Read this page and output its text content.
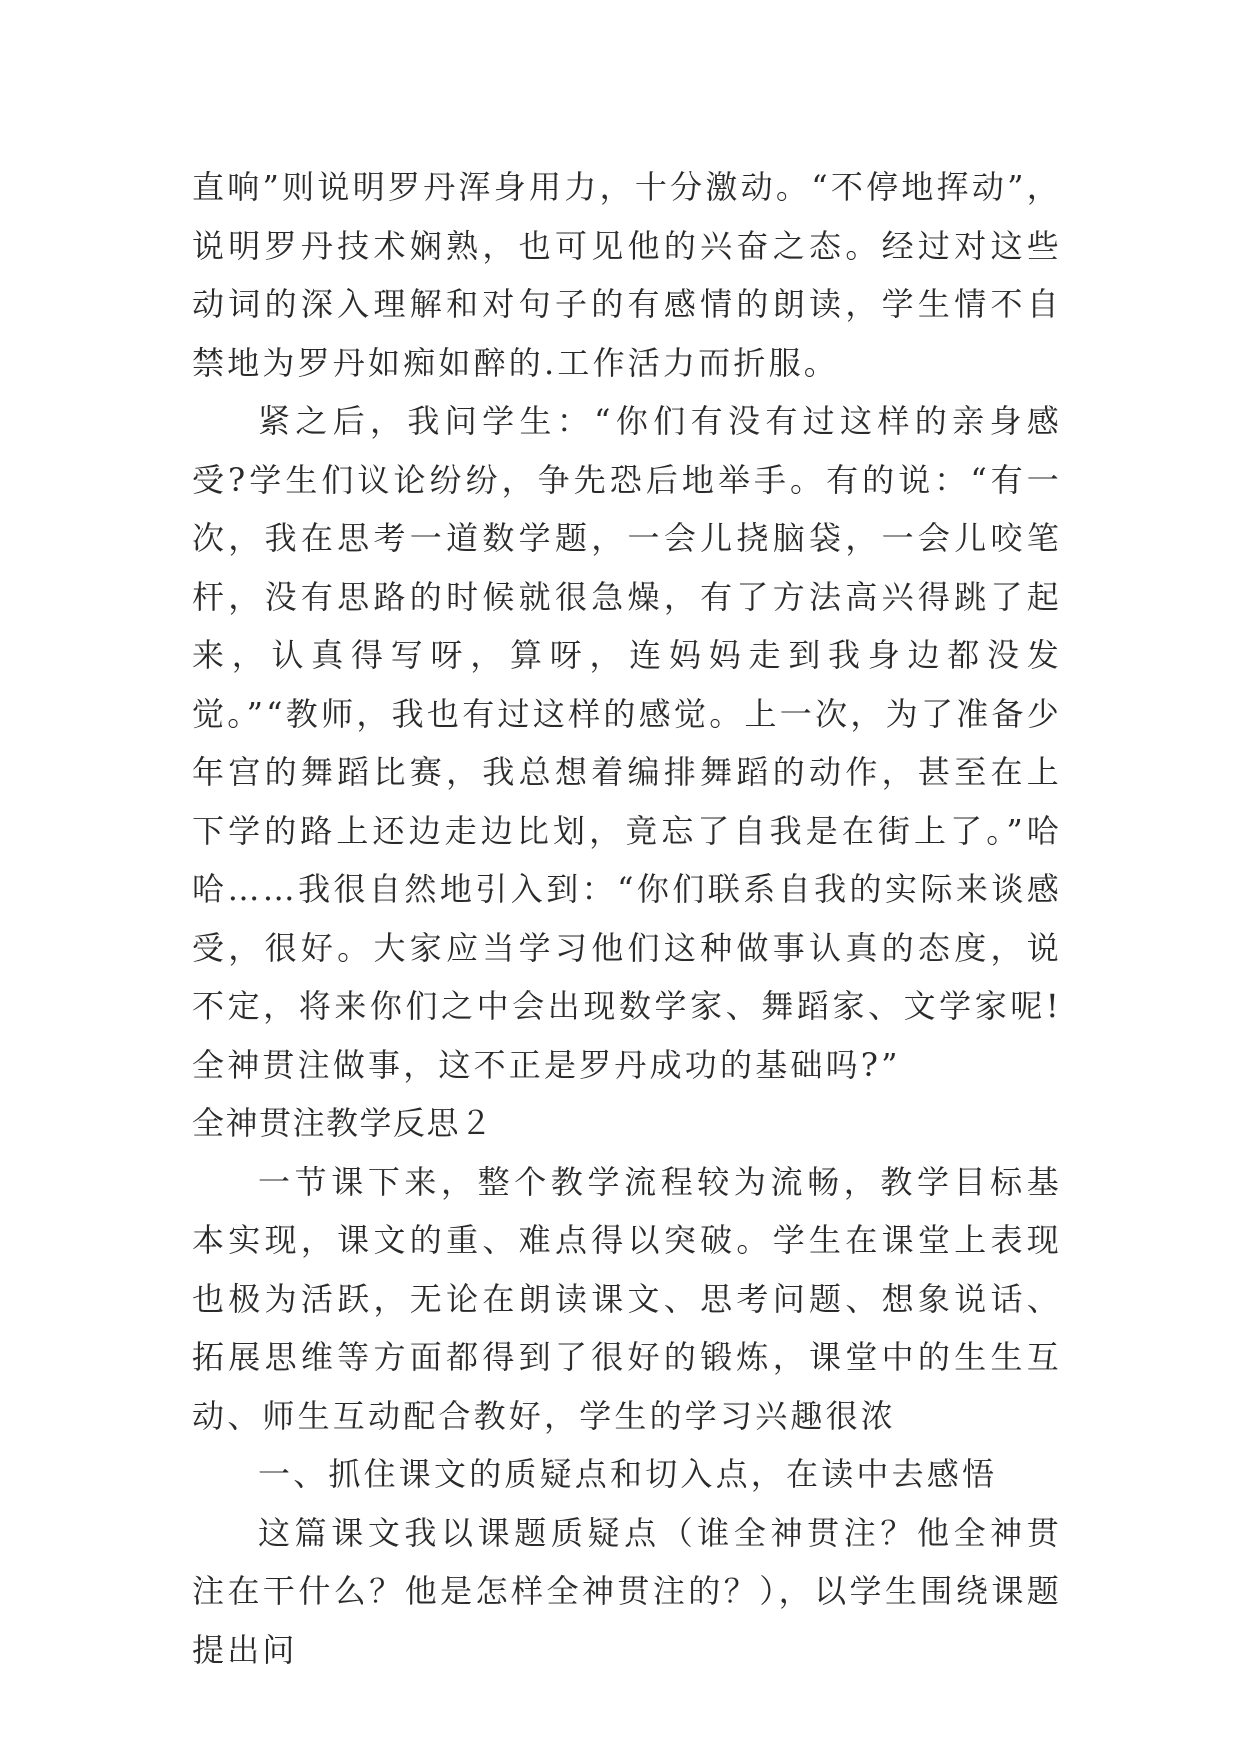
直响”则说明罗丹浑身用力，十分激动。“不停地挥动”，说明罗丹技术娴熟，也可见他的兴奋之态。经过对这些动词的深入理解和对句子的有感情的朗读，学生情不自禁地为罗丹如痴如醉的.工作活力而折服。

紧之后，我问学生：“你们有没有过这样的亲身感受?学生们议论纷纷，争先恐后地举手。有的说：“有一次，我在思考一道数学题，一会儿挠脑袋，一会儿咬笔杆，没有思路的时候就很急燥，有了方法高兴得跳了起来，认真得写呀，算呀，连妈妈走到我身边都没发觉。”“教师，我也有过这样的感觉。上一次，为了准备少年宫的舞蹈比赛，我总想着编排舞蹈的动作，甚至在上下学的路上还边走边比划，竟忘了自我是在街上了。”哈哈……我很自然地引入到：“你们联系自我的实际来谈感受，很好。大家应当学习他们这种做事认真的态度，说不定，将来你们之中会出现数学家、舞蹈家、文学家呢!全神贯注做事，这不正是罗丹成功的基础吗?”

全神贯注教学反思２

一节课下来，整个教学流程较为流畅，教学目标基本实现，课文的重、难点得以突破。学生在课堂上表现也极为活跃，无论在朗读课文、思考问题、想象说话、拓展思维等方面都得到了很好的锻炼，课堂中的生生互动、师生互动配合教好，学生的学习兴趣很浓

一、抓住课文的质疑点和切入点，在读中去感悟

这篇课文我以课题质疑点（谁全神贯注？他全神贯注在干什么？他是怎样全神贯注的？），以学生围绕课题提出问
